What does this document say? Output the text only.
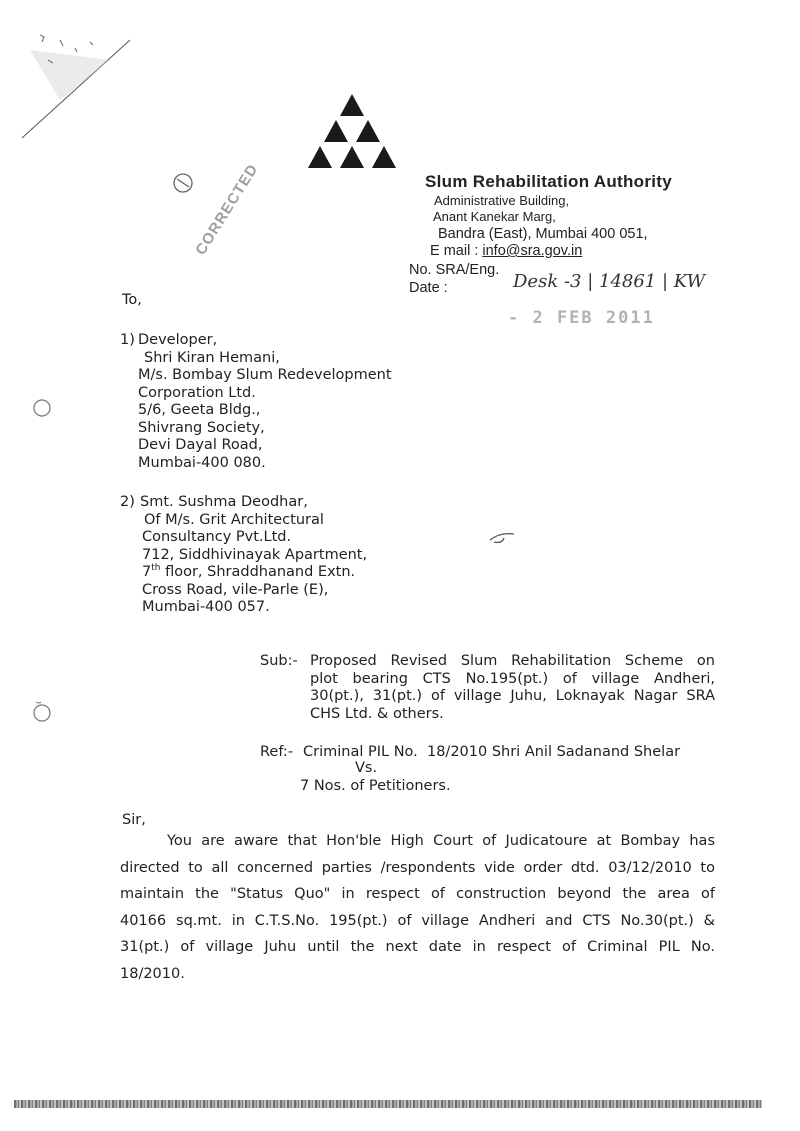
CORRECTED	Slum Rehabilitation Authority
Administrative Building,
Anant Kanekar Marg,
Bandra (East), Mumbai 400 051,
E mail : info@sra.gov.in
No. SRA/Eng.
Desk -3 | 14861 | KW
Date :
- 2 FEB 2011
To,
1) Developer,
Shri Kiran Hemani,
M/s. Bombay Slum Redevelopment
Corporation Ltd.
5/6, Geeta Bldg.,
Shivrang Society,
Devi Dayal Road,
Mumbai-400 080.
2) Smt. Sushma Deodhar,
Of M/s. Grit Architectural
Consultancy Pvt.Ltd.
712, Siddhivinayak Apartment,
7th floor, Shraddhanand Extn.
Cross Road, vile-Parle (E),
Mumbai-400 057.
Sub:- Proposed Revised Slum Rehabilitation Scheme on
plot bearing CTS No.195(pt.) of village Andheri,
30(pt.), 31(pt.) of village Juhu, Loknayak Nagar SRA
CHS Ltd. & others.
Ref:- Criminal PIL No.  18/2010 Shri Anil Sadanand Shelar
Vs.
7 Nos. of Petitioners.
Sir,
You are aware that Hon'ble High Court of Judicatoure at Bombay has
directed to all concerned parties /respondents vide order dtd. 03/12/2010 to
maintain the "Status Quo" in respect of construction beyond the area of
40166 sq.mt. in C.T.S.No. 195(pt.) of village Andheri and CTS No.30(pt.) &
31(pt.) of village Juhu until the next date in respect of Criminal PIL No.
18/2010.
